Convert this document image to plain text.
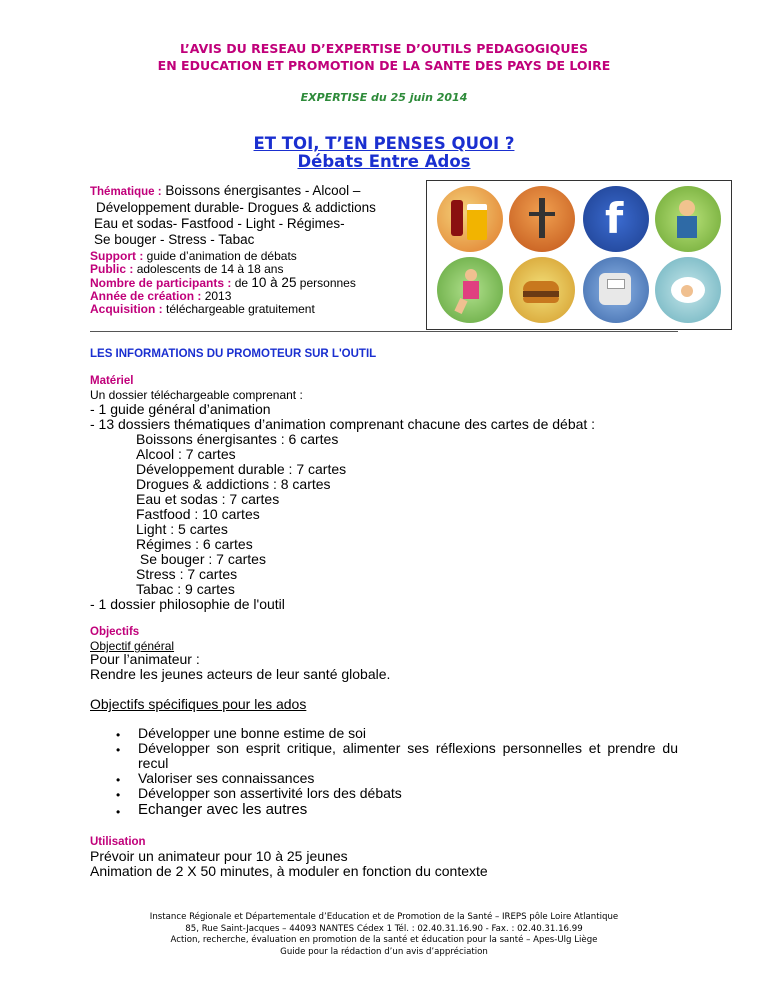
L’AVIS DU RESEAU D’EXPERTISE D’OUTILS PEDAGOGIQUES
EN EDUCATION ET PROMOTION DE LA SANTE DES PAYS DE LOIRE
EXPERTISE du 25 juin 2014
ET TOI, T’EN PENSES QUOI ?
Débats Entre Ados
Thématique : Boissons énergisantes - Alcool –
Développement durable- Drogues & addictions
Eau et sodas- Fastfood - Light - Régimes-
Se bouger - Stress - Tabac
Support : guide d’animation de débats
Public : adolescents de 14 à 18 ans
Nombre de participants : de 10 à 25 personnes
Année de création : 2013
Acquisition : téléchargeable gratuitement
f
LES INFORMATIONS DU PROMOTEUR SUR L'OUTIL
Matériel
Un dossier téléchargeable comprenant :
- 1 guide général d’animation
- 13 dossiers thématiques d’animation comprenant chacune des cartes de débat :
Boissons énergisantes : 6 cartes
Alcool : 7 cartes
Développement durable : 7 cartes
Drogues & addictions : 8 cartes
Eau et sodas : 7 cartes
Fastfood : 10 cartes
Light : 5 cartes
Régimes : 6 cartes
Se bouger : 7 cartes
Stress : 7 cartes
Tabac : 9 cartes
- 1 dossier philosophie de l'outil
Objectifs
Objectif général
Pour l’animateur :
Rendre les jeunes acteurs de leur santé globale.
Objectifs spécifiques pour les ados
• Développer une bonne estime de soi
• Développer son esprit critique, alimenter ses réflexions personnelles et prendre du
recul
• Valoriser ses connaissances
• Développer son assertivité lors des débats
• Echanger avec les autres
Utilisation
Prévoir un animateur pour 10 à 25 jeunes
Animation de 2 X 50 minutes, à moduler en fonction du contexte
Instance Régionale et Départementale d’Education et de Promotion de la Santé – IREPS pôle Loire Atlantique
85, Rue Saint-Jacques – 44093 NANTES Cédex 1 Tél. : 02.40.31.16.90 - Fax. : 02.40.31.16.99
Action, recherche, évaluation en promotion de la santé et éducation pour la santé – Apes-Ulg Liège
Guide pour la rédaction d’un avis d’appréciation
